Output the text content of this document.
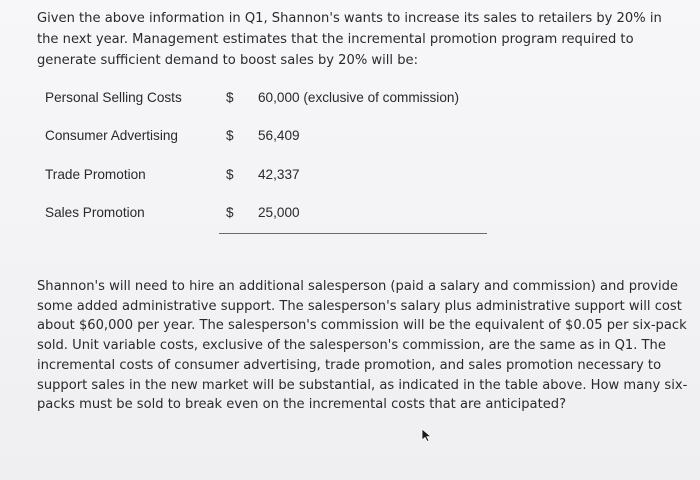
Given the above information in Q1, Shannon's wants to increase its sales to retailers by 20% in the next year. Management estimates that the incremental promotion program required to generate sufficient demand to boost sales by 20% will be:

Personal Selling Costs	$ 60,000 (exclusive of commission)
Consumer Advertising	$ 56,409
Trade Promotion	$ 42,337
Sales Promotion	$ 25,000

Shannon's will need to hire an additional salesperson (paid a salary and commission) and provide some added administrative support. The salesperson's salary plus administrative support will cost about $60,000 per year. The salesperson's commission will be the equivalent of $0.05 per six-pack sold. Unit variable costs, exclusive of the salesperson's commission, are the same as in Q1. The incremental costs of consumer advertising, trade promotion, and sales promotion necessary to support sales in the new market will be substantial, as indicated in the table above. How many six-packs must be sold to break even on the incremental costs that are anticipated?
